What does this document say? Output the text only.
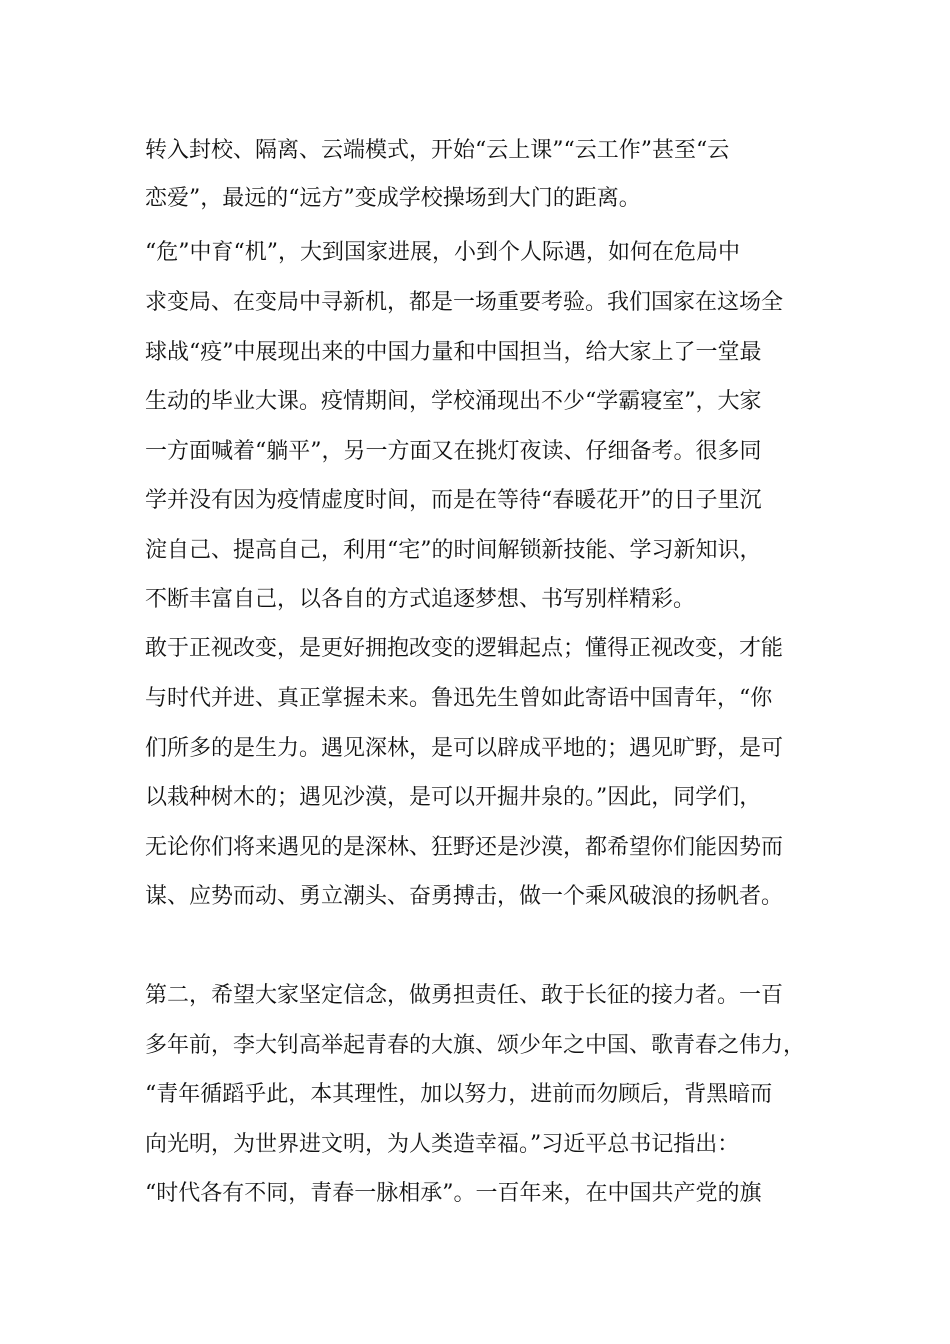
转入封校、隔离、云端模式，开始“云上课”“云工作”甚至“云
恋爱”，最远的“远方”变成学校操场到大门的距离。
“危”中育“机”，大到国家进展，小到个人际遇，如何在危局中
求变局、在变局中寻新机，都是一场重要考验。我们国家在这场全
球战“疫”中展现出来的中国力量和中国担当，给大家上了一堂最
生动的毕业大课。疫情期间，学校涌现出不少“学霸寝室”，大家
一方面喊着“躺平”，另一方面又在挑灯夜读、仔细备考。很多同
学并没有因为疫情虚度时间，而是在等待“春暖花开”的日子里沉
淀自己、提高自己，利用“宅”的时间解锁新技能、学习新知识，
不断丰富自己，以各自的方式追逐梦想、书写别样精彩。
敢于正视改变，是更好拥抱改变的逻辑起点；懂得正视改变，才能
与时代并进、真正掌握未来。鲁迅先生曾如此寄语中国青年，“你
们所多的是生力。遇见深林，是可以辟成平地的；遇见旷野，是可
以栽种树木的；遇见沙漠，是可以开掘井泉的。”因此，同学们，
无论你们将来遇见的是深林、狂野还是沙漠，都希望你们能因势而
谋、应势而动、勇立潮头、奋勇搏击，做一个乘风破浪的扬帆者。
第二，希望大家坚定信念，做勇担责任、敢于长征的接力者。一百
多年前，李大钊高举起青春的大旗、颂少年之中国、歌青春之伟力，
“青年循蹈乎此，本其理性，加以努力，进前而勿顾后，背黑暗而
向光明，为世界进文明，为人类造幸福。”习近平总书记指出：
“时代各有不同，青春一脉相承”。一百年来，在中国共产党的旗
